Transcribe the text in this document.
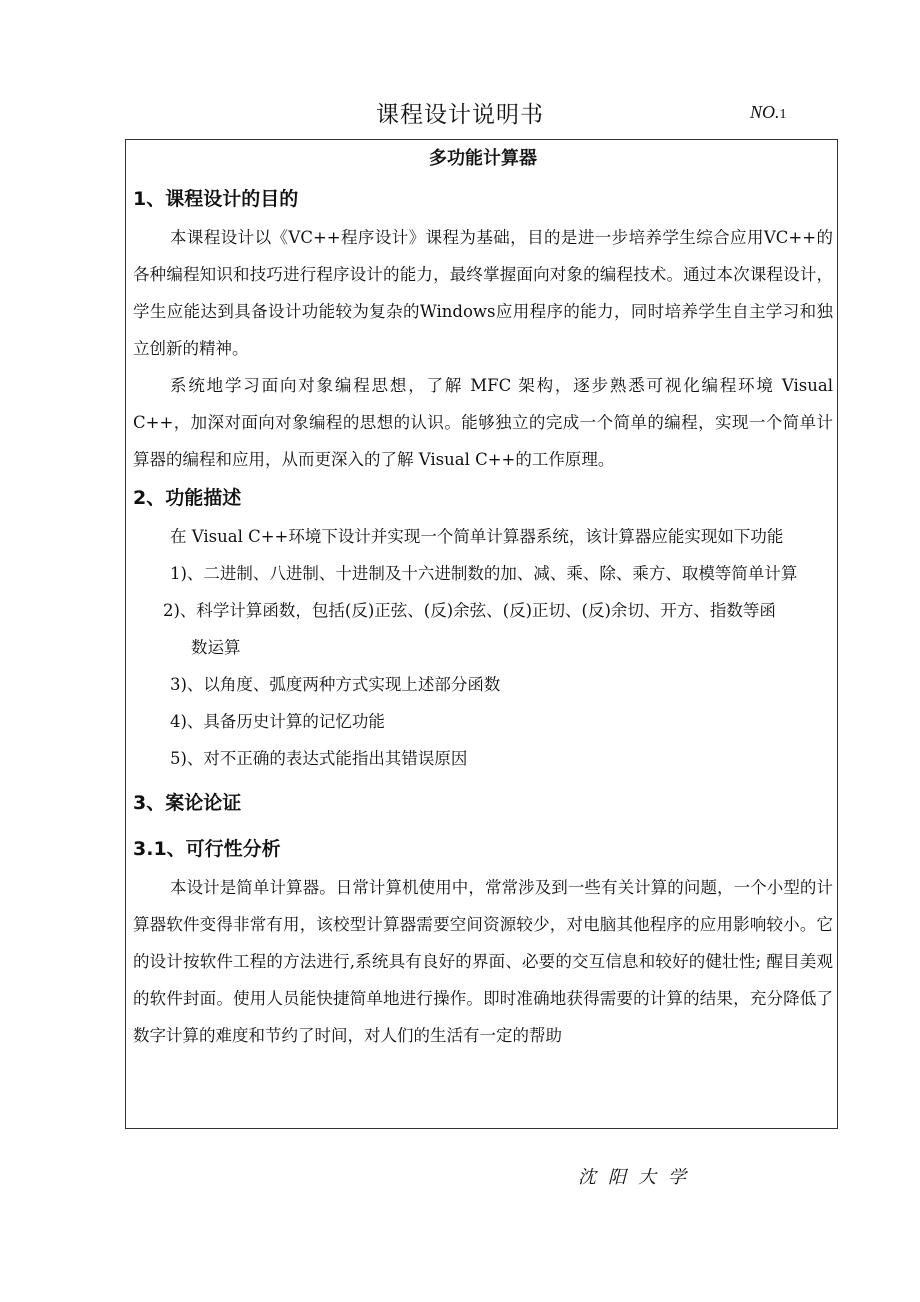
课程设计说明书	NO.1
多功能计算器
1、课程设计的目的

本课程设计以《VC++程序设计》课程为基础，目的是进一步培养学生综合应用VC++的各种编程知识和技巧进行程序设计的能力，最终掌握面向对象的编程技术。通过本次课程设计，学生应能达到具备设计功能较为复杂的Windows应用程序的能力，同时培养学生自主学习和独立创新的精神。

系统地学习面向对象编程思想，了解 MFC 架构，逐步熟悉可视化编程环境 Visual C++，加深对面向对象编程的思想的认识。能够独立的完成一个简单的编程，实现一个简单计算器的编程和应用，从而更深入的了解 Visual C++的工作原理。

2、功能描述

在 Visual C++环境下设计并实现一个简单计算器系统，该计算器应能实现如下功能

1)、二进制、八进制、十进制及十六进制数的加、减、乘、除、乘方、取模等简单计算

2)、科学计算函数，包括(反)正弦、(反)余弦、(反)正切、(反)余切、开方、指数等函
数运算

3)、以角度、弧度两种方式实现上述部分函数

4)、具备历史计算的记忆功能

5)、对不正确的表达式能指出其错误原因

3、案论论证
3.1、可行性分析

本设计是简单计算器。日常计算机使用中，常常涉及到一些有关计算的问题，一个小型的计算器软件变得非常有用，该校型计算器需要空间资源较少，对电脑其他程序的应用影响较小。它的设计按软件工程的方法进行,系统具有良好的界面、必要的交互信息和较好的健壮性; 醒目美观的软件封面。使用人员能快捷简单地进行操作。即时准确地获得需要的计算的结果，充分降低了数字计算的难度和节约了时间，对人们的生活有一定的帮助

沈阳大学
